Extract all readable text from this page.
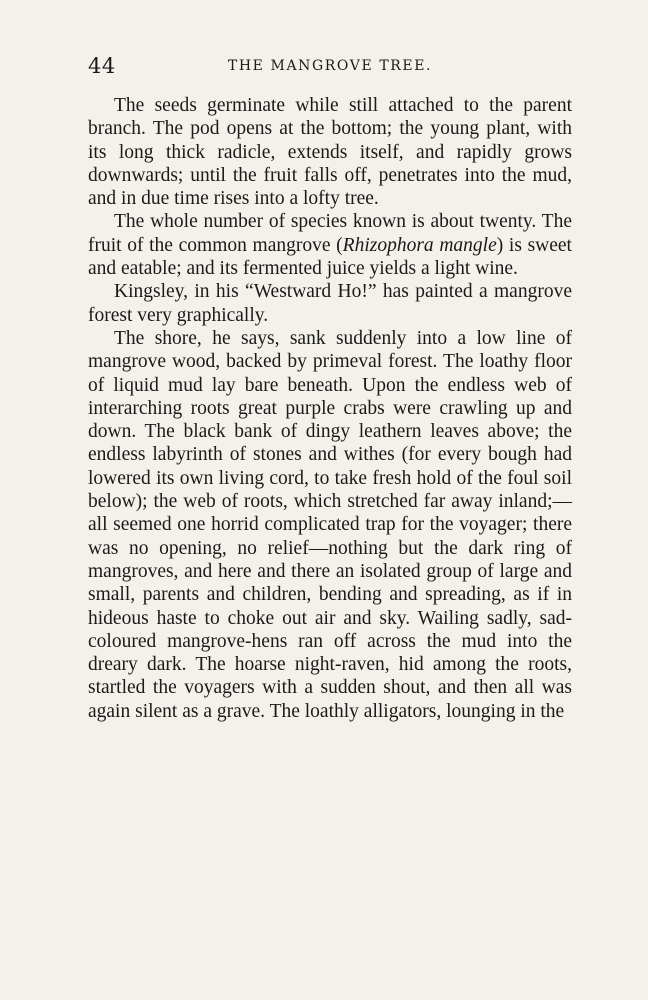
44	THE MANGROVE TREE.

The seeds germinate while still attached to the parent branch. The pod opens at the bottom; the young plant, with its long thick radicle, extends itself, and rapidly grows downwards; until the fruit falls off, penetrates into the mud, and in due time rises into a lofty tree.

The whole number of species known is about twenty. The fruit of the common mangrove (Rhizophora mangle) is sweet and eatable; and its fermented juice yields a light wine.

Kingsley, in his “Westward Ho!” has painted a mangrove forest very graphically.

The shore, he says, sank suddenly into a low line of mangrove wood, backed by primeval forest. The loathy floor of liquid mud lay bare beneath. Upon the endless web of interarching roots great purple crabs were crawling up and down. The black bank of dingy leathern leaves above; the endless labyrinth of stones and withes (for every bough had lowered its own living cord, to take fresh hold of the foul soil below); the web of roots, which stretched far away inland;—all seemed one horrid complicated trap for the voyager; there was no opening, no relief—nothing but the dark ring of mangroves, and here and there an isolated group of large and small, parents and children, bending and spreading, as if in hideous haste to choke out air and sky. Wailing sadly, sad-coloured mangrove-hens ran off across the mud into the dreary dark. The hoarse night-raven, hid among the roots, startled the voyagers with a sudden shout, and then all was again silent as a grave. The loathly alligators, lounging in the
